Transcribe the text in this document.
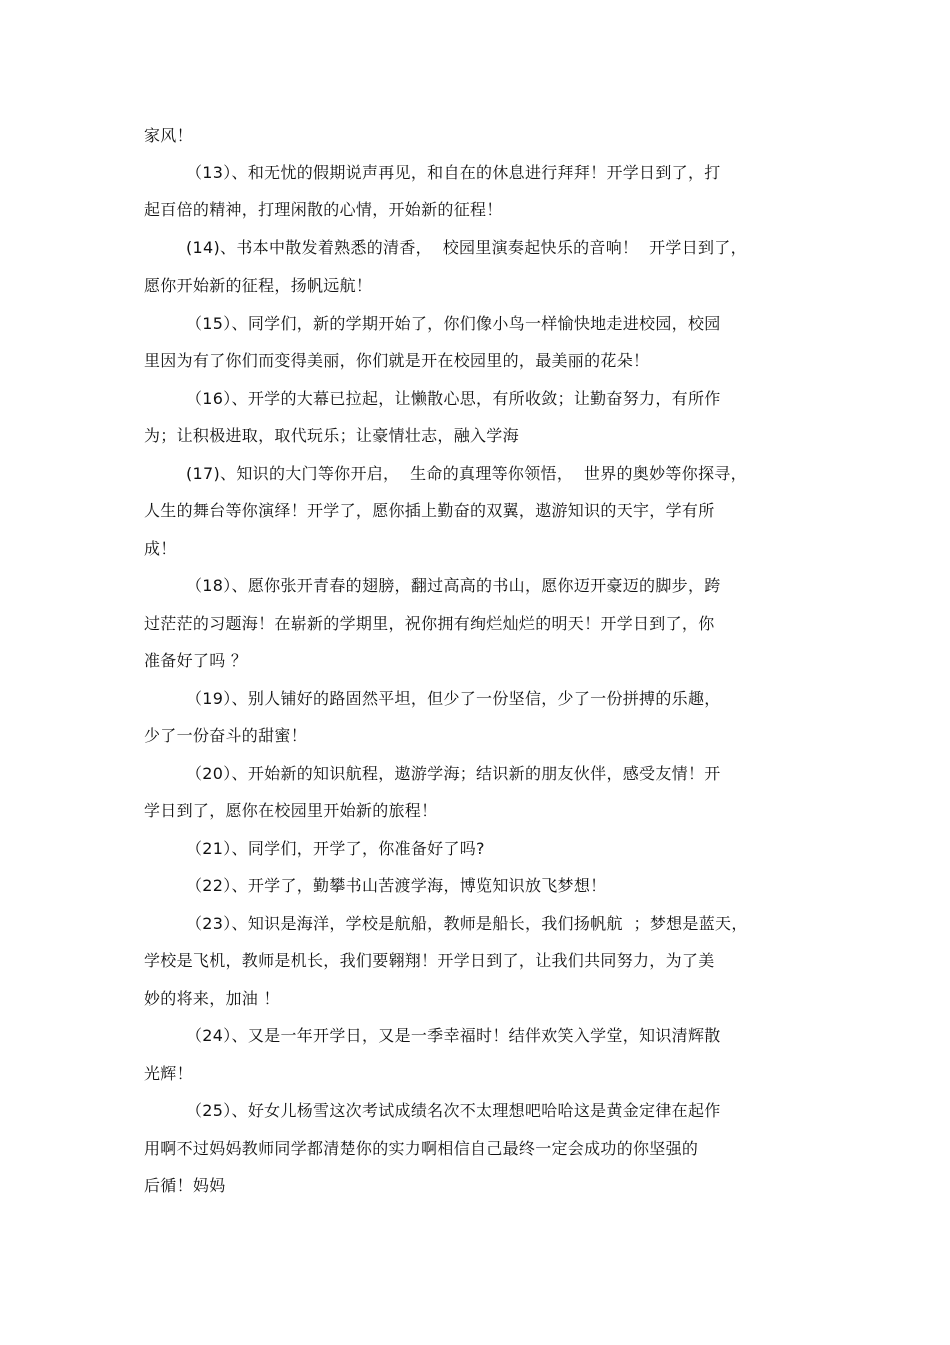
家风！
（13）、和无忧的假期说声再见，和自在的休息进行拜拜！开学日到了，打
起百倍的精神，打理闲散的心情，开始新的征程！
(14)、书本中散发着熟悉的清香，  校园里演奏起快乐的音响！  开学日到了，
愿你开始新的征程，扬帆远航！
（15）、同学们，新的学期开始了，你们像小鸟一样愉快地走进校园，校园
里因为有了你们而变得美丽，你们就是开在校园里的，最美丽的花朵！
（16）、开学的大幕已拉起，让懒散心思，有所收敛；让勤奋努力，有所作
为；让积极进取，取代玩乐；让豪情壮志，融入学海
(17)、知识的大门等你开启，  生命的真理等你领悟，  世界的奥妙等你探寻，
人生的舞台等你演绎！开学了，愿你插上勤奋的双翼，遨游知识的天宇，学有所
成！
（18）、愿你张开青春的翅膀，翻过高高的书山，愿你迈开豪迈的脚步，跨
过茫茫的习题海！在崭新的学期里，祝你拥有绚烂灿烂的明天！开学日到了，你
准备好了吗 ？
（19）、别人铺好的路固然平坦，但少了一份坚信，少了一份拼搏的乐趣，
少了一份奋斗的甜蜜！
（20）、开始新的知识航程，遨游学海；结识新的朋友伙伴，感受友情！开
学日到了，愿你在校园里开始新的旅程！
（21）、同学们，开学了，你准备好了吗?
（22）、开学了，勤攀书山苦渡学海，博览知识放飞梦想！
（23）、知识是海洋，学校是航船，教师是船长，我们扬帆航  ；梦想是蓝天，
学校是飞机，教师是机长，我们要翱翔！开学日到了，让我们共同努力，为了美
妙的将来，加油 ！
（24）、又是一年开学日，又是一季幸福时！结伴欢笑入学堂，知识清辉散
光辉！
（25）、好女儿杨雪这次考试成绩名次不太理想吧哈哈这是黄金定律在起作
用啊不过妈妈教师同学都清楚你的实力啊相信自己最终一定会成功的你坚强的
后循！妈妈
